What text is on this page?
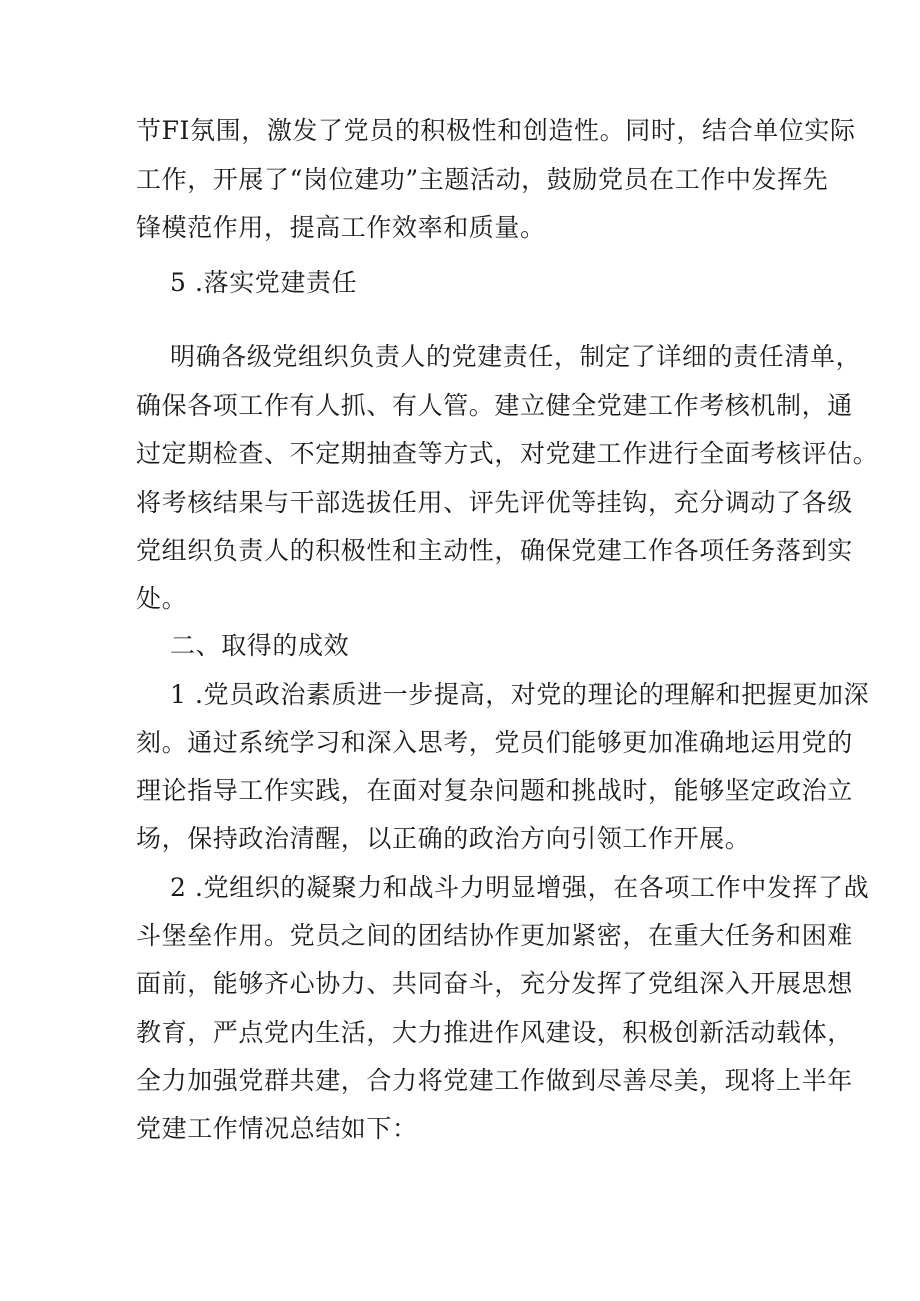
节FI氛围，激发了党员的积极性和创造性。同时，结合单位实际
工作，开展了“岗位建功”主题活动，鼓励党员在工作中发挥先
锋模范作用，提高工作效率和质量。
5 .落实党建责任
明确各级党组织负责人的党建责任，制定了详细的责任清单，
确保各项工作有人抓、有人管。建立健全党建工作考核机制，通
过定期检查、不定期抽查等方式，对党建工作进行全面考核评估。
将考核结果与干部选拔任用、评先评优等挂钩，充分调动了各级
党组织负责人的积极性和主动性，确保党建工作各项任务落到实
处。
二、取得的成效
1 .党员政治素质进一步提高，对党的理论的理解和把握更加深
刻。通过系统学习和深入思考，党员们能够更加准确地运用党的
理论指导工作实践，在面对复杂问题和挑战时，能够坚定政治立
场，保持政治清醒，以正确的政治方向引领工作开展。
2 .党组织的凝聚力和战斗力明显增强，在各项工作中发挥了战
斗堡垒作用。党员之间的团结协作更加紧密，在重大任务和困难
面前，能够齐心协力、共同奋斗，充分发挥了党组深入开展思想
教育，严点党内生活，大力推进作风建设，积极创新活动载体，
全力加强党群共建，合力将党建工作做到尽善尽美，现将上半年
党建工作情况总结如下：
